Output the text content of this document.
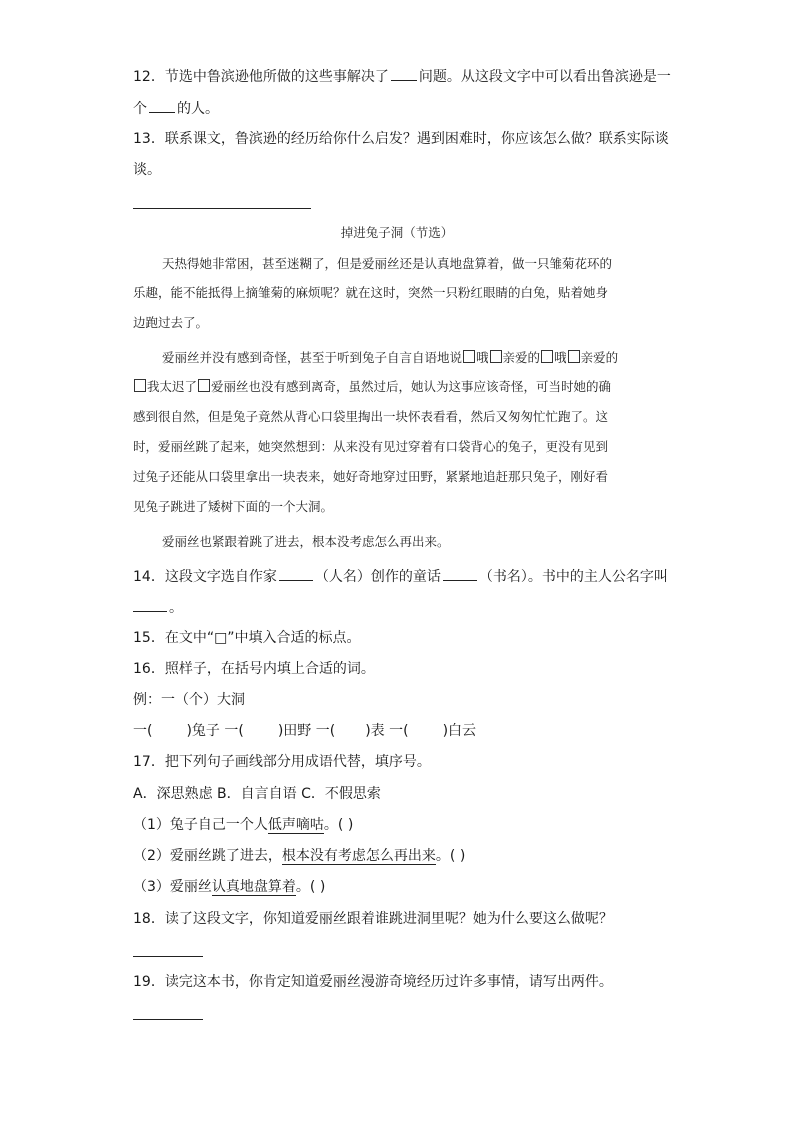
12．节选中鲁滨逊他所做的这些事解决了 问题。从这段文字中可以看出鲁滨逊是一
个 的人。
13．联系课文，鲁滨逊的经历给你什么启发？遇到困难时，你应该怎么做？联系实际谈
谈。
掉进兔子洞（节选）
天热得她非常困，甚至迷糊了，但是爱丽丝还是认真地盘算着，做一只雏菊花环的
乐趣，能不能抵得上摘雏菊的麻烦呢？就在这时，突然一只粉红眼睛的白兔，贴着她身
边跑过去了。
爱丽丝并没有感到奇怪，甚至于听到兔子自言自语地说 哦 亲爱的 哦 亲爱的
我太迟了 爱丽丝也没有感到离奇，虽然过后，她认为这事应该奇怪，可当时她的确
感到很自然，但是兔子竟然从背心口袋里掏出一块怀表看看，然后又匆匆忙忙跑了。这
时，爱丽丝跳了起来，她突然想到：从来没有见过穿着有口袋背心的兔子，更没有见到
过兔子还能从口袋里拿出一块表来，她好奇地穿过田野，紧紧地追赶那只兔子，刚好看
见兔子跳进了矮树下面的一个大洞。
爱丽丝也紧跟着跳了进去，根本没考虑怎么再出来。
14．这段文字选自作家	（人名）创作的童话	（书名）。书中的主人公名字叫
。
15．在文中“□”中填入合适的标点。
16．照样子，在括号内填上合适的词。
例：一（个）大洞
一( )兔子 一( )田野 一( )表 一( )白云
17．把下列句子画线部分用成语代替，填序号。
A．深思熟虑 B．自言自语 C．不假思索
（1）兔子自己一个人低声嘀咕。( )
（2）爱丽丝跳了进去，根本没有考虑怎么再出来。( )
（3）爱丽丝认真地盘算着。( )
18．读了这段文字，你知道爱丽丝跟着谁跳进洞里呢？她为什么要这么做呢？
19．读完这本书，你肯定知道爱丽丝漫游奇境经历过许多事情，请写出两件。
